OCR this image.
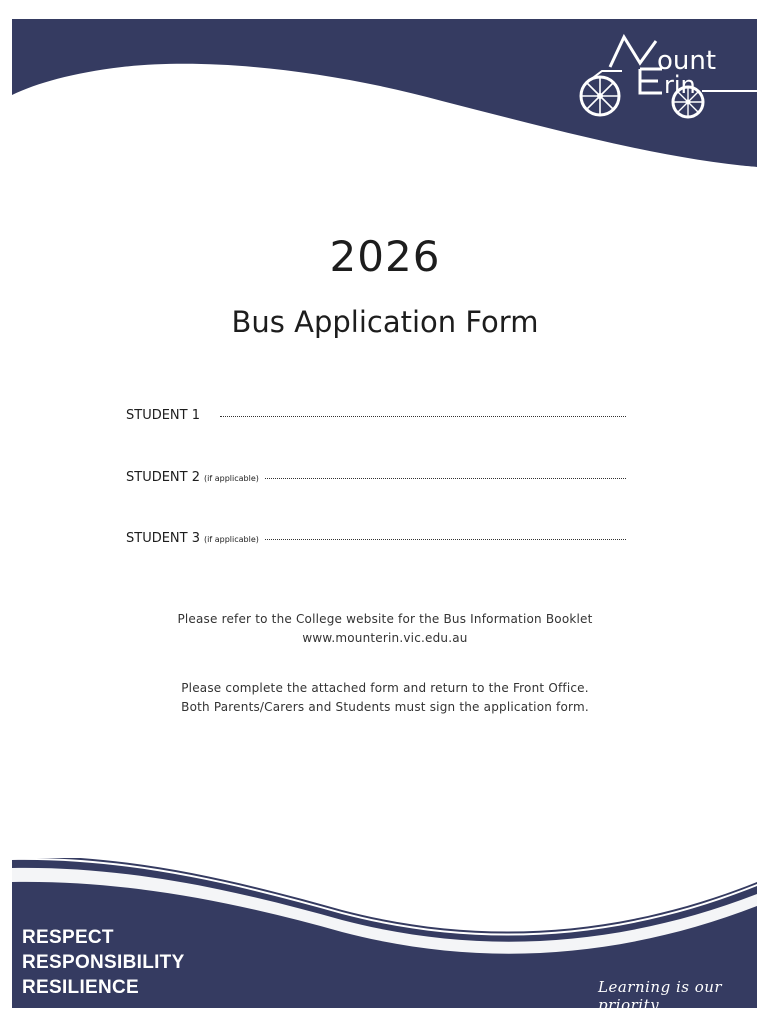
ount
rin
2026
Bus Application Form
STUDENT 1
STUDENT 2 (if applicable)
STUDENT 3 (if applicable)
Please refer to the College website for the Bus Information Booklet
www.mounterin.vic.edu.au
Please complete the attached form and return to the Front Office.
Both Parents/Carers and Students must sign the application form.
RESPECT
RESPONSIBILITY
RESILIENCE	Learning is our priority
